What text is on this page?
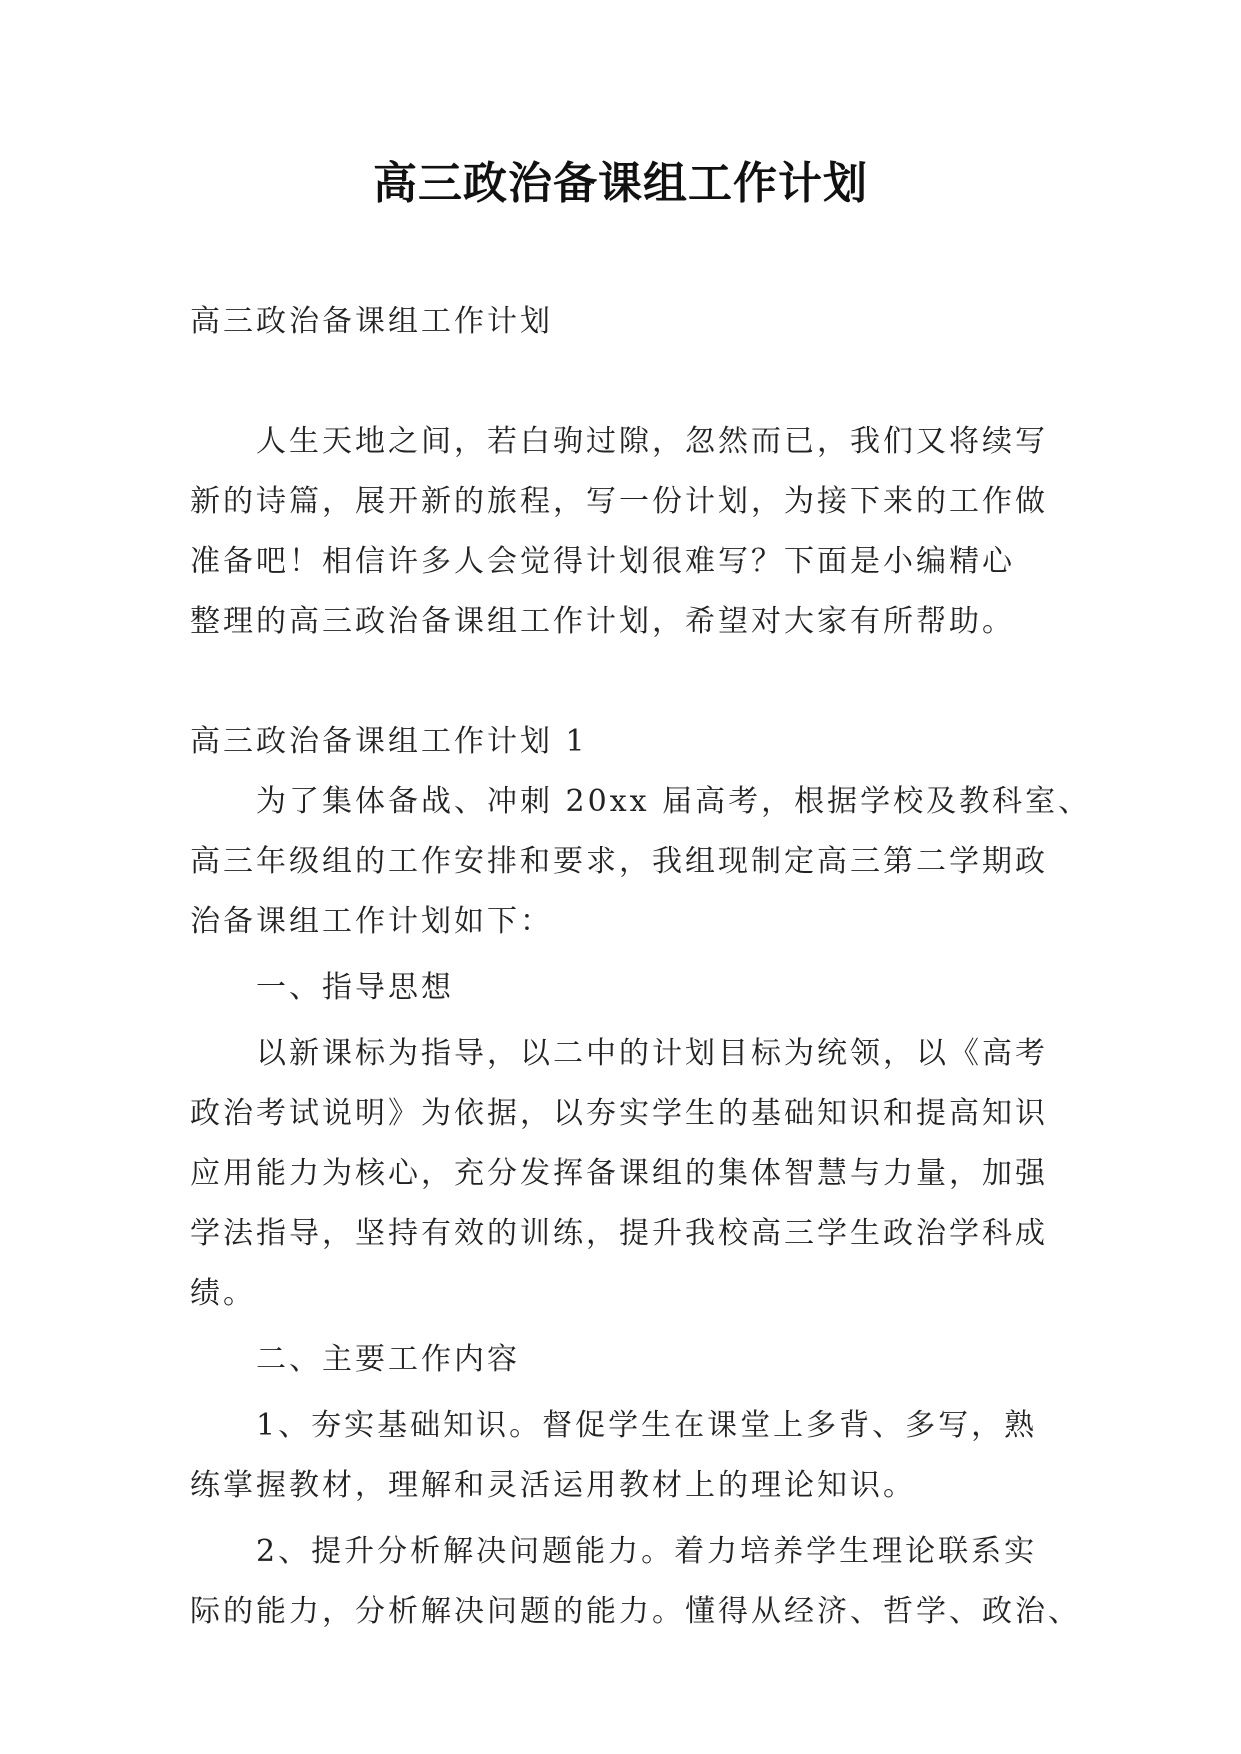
高三政治备课组工作计划

高三政治备课组工作计划

人生天地之间，若白驹过隙，忽然而已，我们又将续写

新的诗篇，展开新的旅程，写一份计划，为接下来的工作做

准备吧！相信许多人会觉得计划很难写？下面是小编精心

整理的高三政治备课组工作计划，希望对大家有所帮助。

高三政治备课组工作计划 1

为了集体备战、冲刺 20xx 届高考，根据学校及教科室、

高三年级组的工作安排和要求，我组现制定高三第二学期政

治备课组工作计划如下：

一、指导思想

以新课标为指导，以二中的计划目标为统领，以《高考

政治考试说明》为依据，以夯实学生的基础知识和提高知识

应用能力为核心，充分发挥备课组的集体智慧与力量，加强

学法指导，坚持有效的训练，提升我校高三学生政治学科成

绩。

二、主要工作内容

1、夯实基础知识。督促学生在课堂上多背、多写，熟

练掌握教材，理解和灵活运用教材上的理论知识。

2、提升分析解决问题能力。着力培养学生理论联系实

际的能力，分析解决问题的能力。懂得从经济、哲学、政治、
